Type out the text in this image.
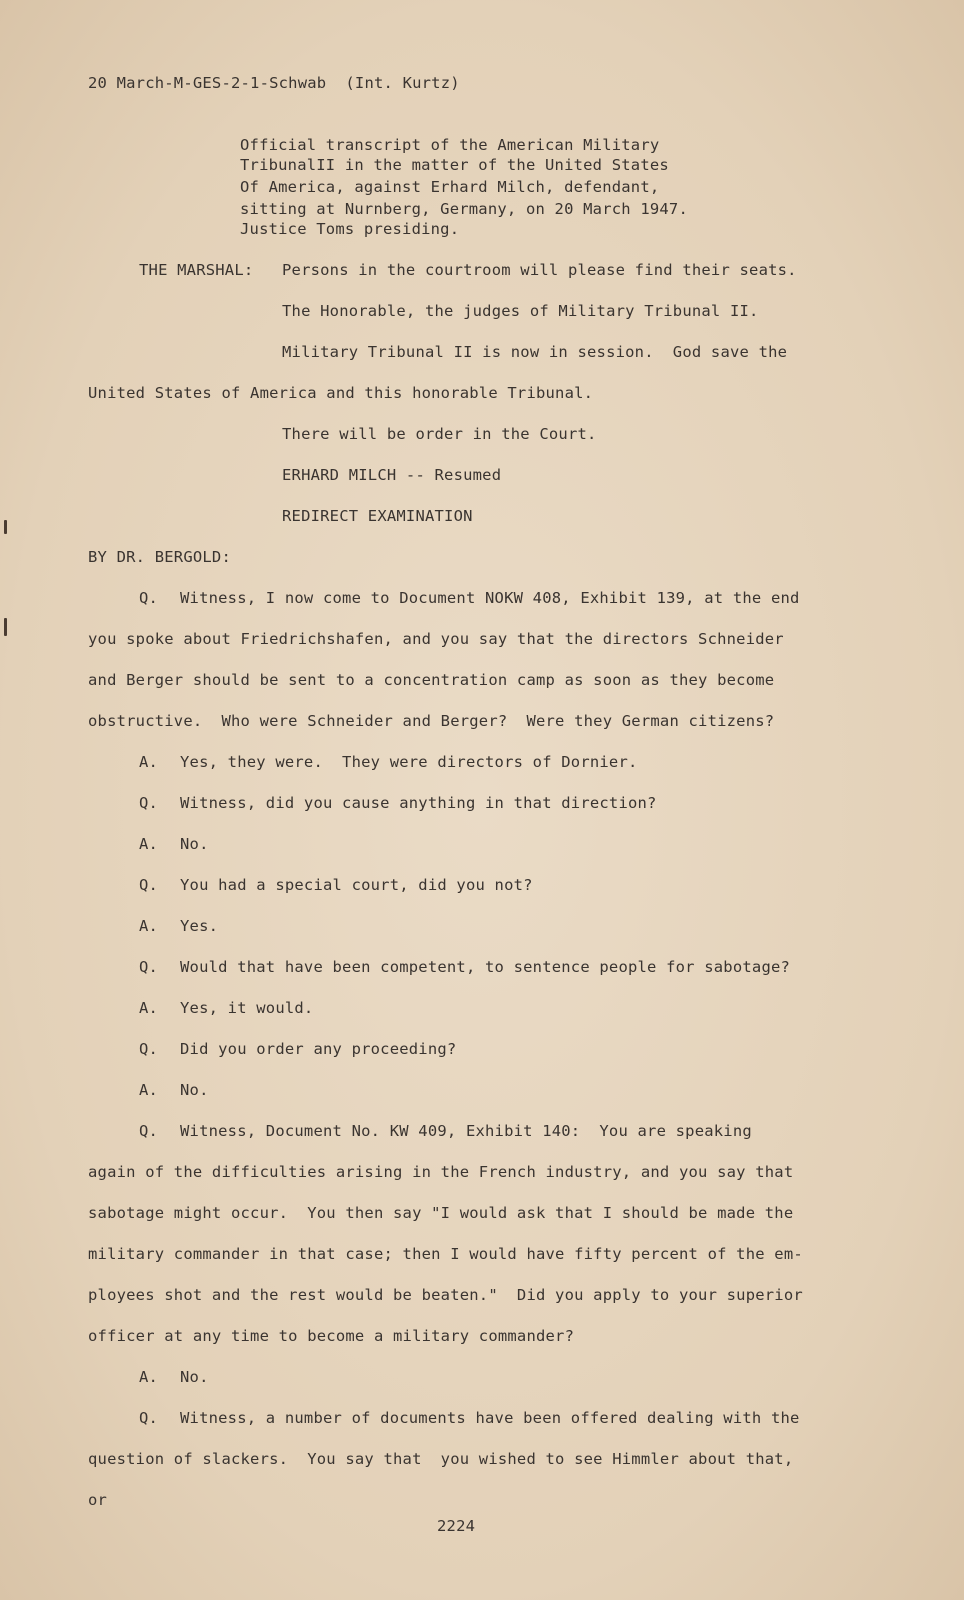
20 March-M-GES-2-1-Schwab (Int. Kurtz)
Official transcript of the American Military
TribunalII in the matter of the United States
Of America, against Erhard Milch, defendant,
sitting at Nurnberg, Germany, on 20 March 1947.
Justice Toms presiding.
THE MARSHAL: Persons in the courtroom will please find their seats.
The Honorable, the judges of Military Tribunal II.
Military Tribunal II is now in session.  God save the
United States of America and this honorable Tribunal.
There will be order in the Court.
ERHARD MILCH -- Resumed
REDIRECT EXAMINATION
BY DR. BERGOLD:
Q. Witness, I now come to Document NOKW 408, Exhibit 139, at the end
you spoke about Friedrichshafen, and you say that the directors Schneider
and Berger should be sent to a concentration camp as soon as they become
obstructive.  Who were Schneider and Berger?  Were they German citizens?
A. Yes, they were.  They were directors of Dornier.
Q. Witness, did you cause anything in that direction?
A. No.
Q. You had a special court, did you not?
A. Yes.
Q. Would that have been competent, to sentence people for sabotage?
A. Yes, it would.
Q. Did you order any proceeding?
A. No.
Q. Witness, Document No. KW 409, Exhibit 140:  You are speaking
again of the difficulties arising in the French industry, and you say that
sabotage might occur.  You then say "I would ask that I should be made the
military commander in that case; then I would have fifty percent of the em-
ployees shot and the rest would be beaten."  Did you apply to your superior
officer at any time to become a military commander?
A. No.
Q. Witness, a number of documents have been offered dealing with the
question of slackers.  You say that  you wished to see Himmler about that,
or
2224
